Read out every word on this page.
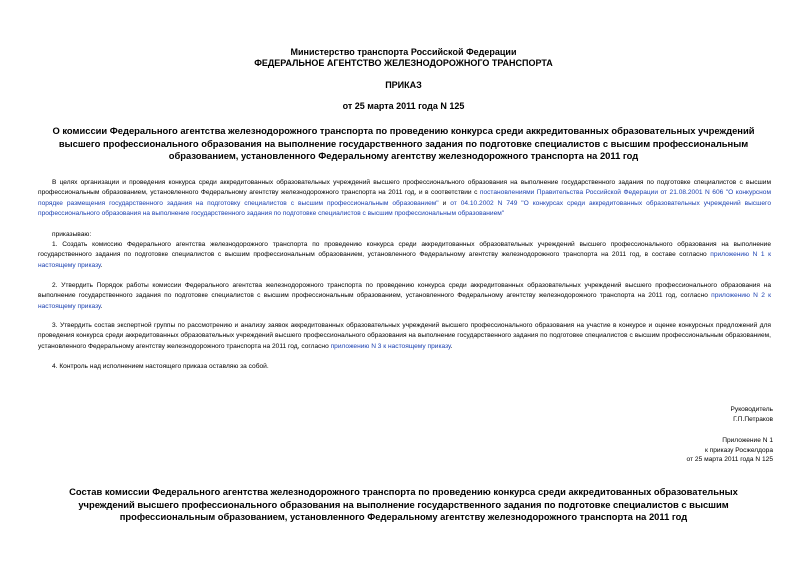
Министерство транспорта Российской Федерации
ФЕДЕРАЛЬНОЕ АГЕНТСТВО ЖЕЛЕЗНОДОРОЖНОГО ТРАНСПОРТА
ПРИКАЗ
от 25 марта 2011 года N 125
О комиссии Федерального агентства железнодорожного транспорта по проведению конкурса среди аккредитованных образовательных учреждений высшего профессионального образования на выполнение государственного задания по подготовке специалистов с высшим профессиональным образованием, установленного Федеральному агентству железнодорожного транспорта на 2011 год
В целях организации и проведения конкурса среди аккредитованных образовательных учреждений высшего профессионального образования на выполнение государственного задания по подготовке специалистов с высшим профессиональным образованием, установленного Федеральному агентству железнодорожного транспорта на 2011 год, и в соответствии с постановлениями Правительства Российской Федерации от 21.08.2001 N 606 "О конкурсном порядке размещения государственного задания на подготовку специалистов с высшим профессиональным образованием" и от 04.10.2002 N 749 "О конкурсах среди аккредитованных образовательных учреждений высшего профессионального образования на выполнение государственного задания по подготовке специалистов с высшим профессиональным образованием"
приказываю:
1. Создать комиссию Федерального агентства железнодорожного транспорта по проведению конкурса среди аккредитованных образовательных учреждений высшего профессионального образования на выполнение государственного задания по подготовке специалистов с высшим профессиональным образованием, установленного Федеральному агентству железнодорожного транспорта на 2011 год, в составе согласно приложению N 1 к настоящему приказу.
2. Утвердить Порядок работы комиссии Федерального агентства железнодорожного транспорта по проведению конкурса среди аккредитованных образовательных учреждений высшего профессионального образования на выполнение государственного задания по подготовке специалистов с высшим профессиональным образованием, установленного Федеральному агентству железнодорожного транспорта на 2011 год, согласно приложению N 2 к настоящему приказу.
3. Утвердить состав экспертной группы по рассмотрению и анализу заявок аккредитованных образовательных учреждений высшего профессионального образования на участие в конкурсе и оценке конкурсных предложений для проведения конкурса среди аккредитованных образовательных учреждений высшего профессионального образования на выполнение государственного задания по подготовке специалистов с высшим профессиональным образованием, установленного Федеральному агентству железнодорожного транспорта на 2011 год, согласно приложению N 3 к настоящему приказу.
4. Контроль над исполнением настоящего приказа оставляю за собой.
Руководитель
Г.П.Петраков
Приложение N 1
к приказу Росжелдора
от 25 марта 2011 года N 125
Состав комиссии Федерального агентства железнодорожного транспорта по проведению конкурса среди аккредитованных образовательных учреждений высшего профессионального образования на выполнение государственного задания по подготовке специалистов с высшим профессиональным образованием, установленного Федеральному агентству железнодорожного транспорта на 2011 год
